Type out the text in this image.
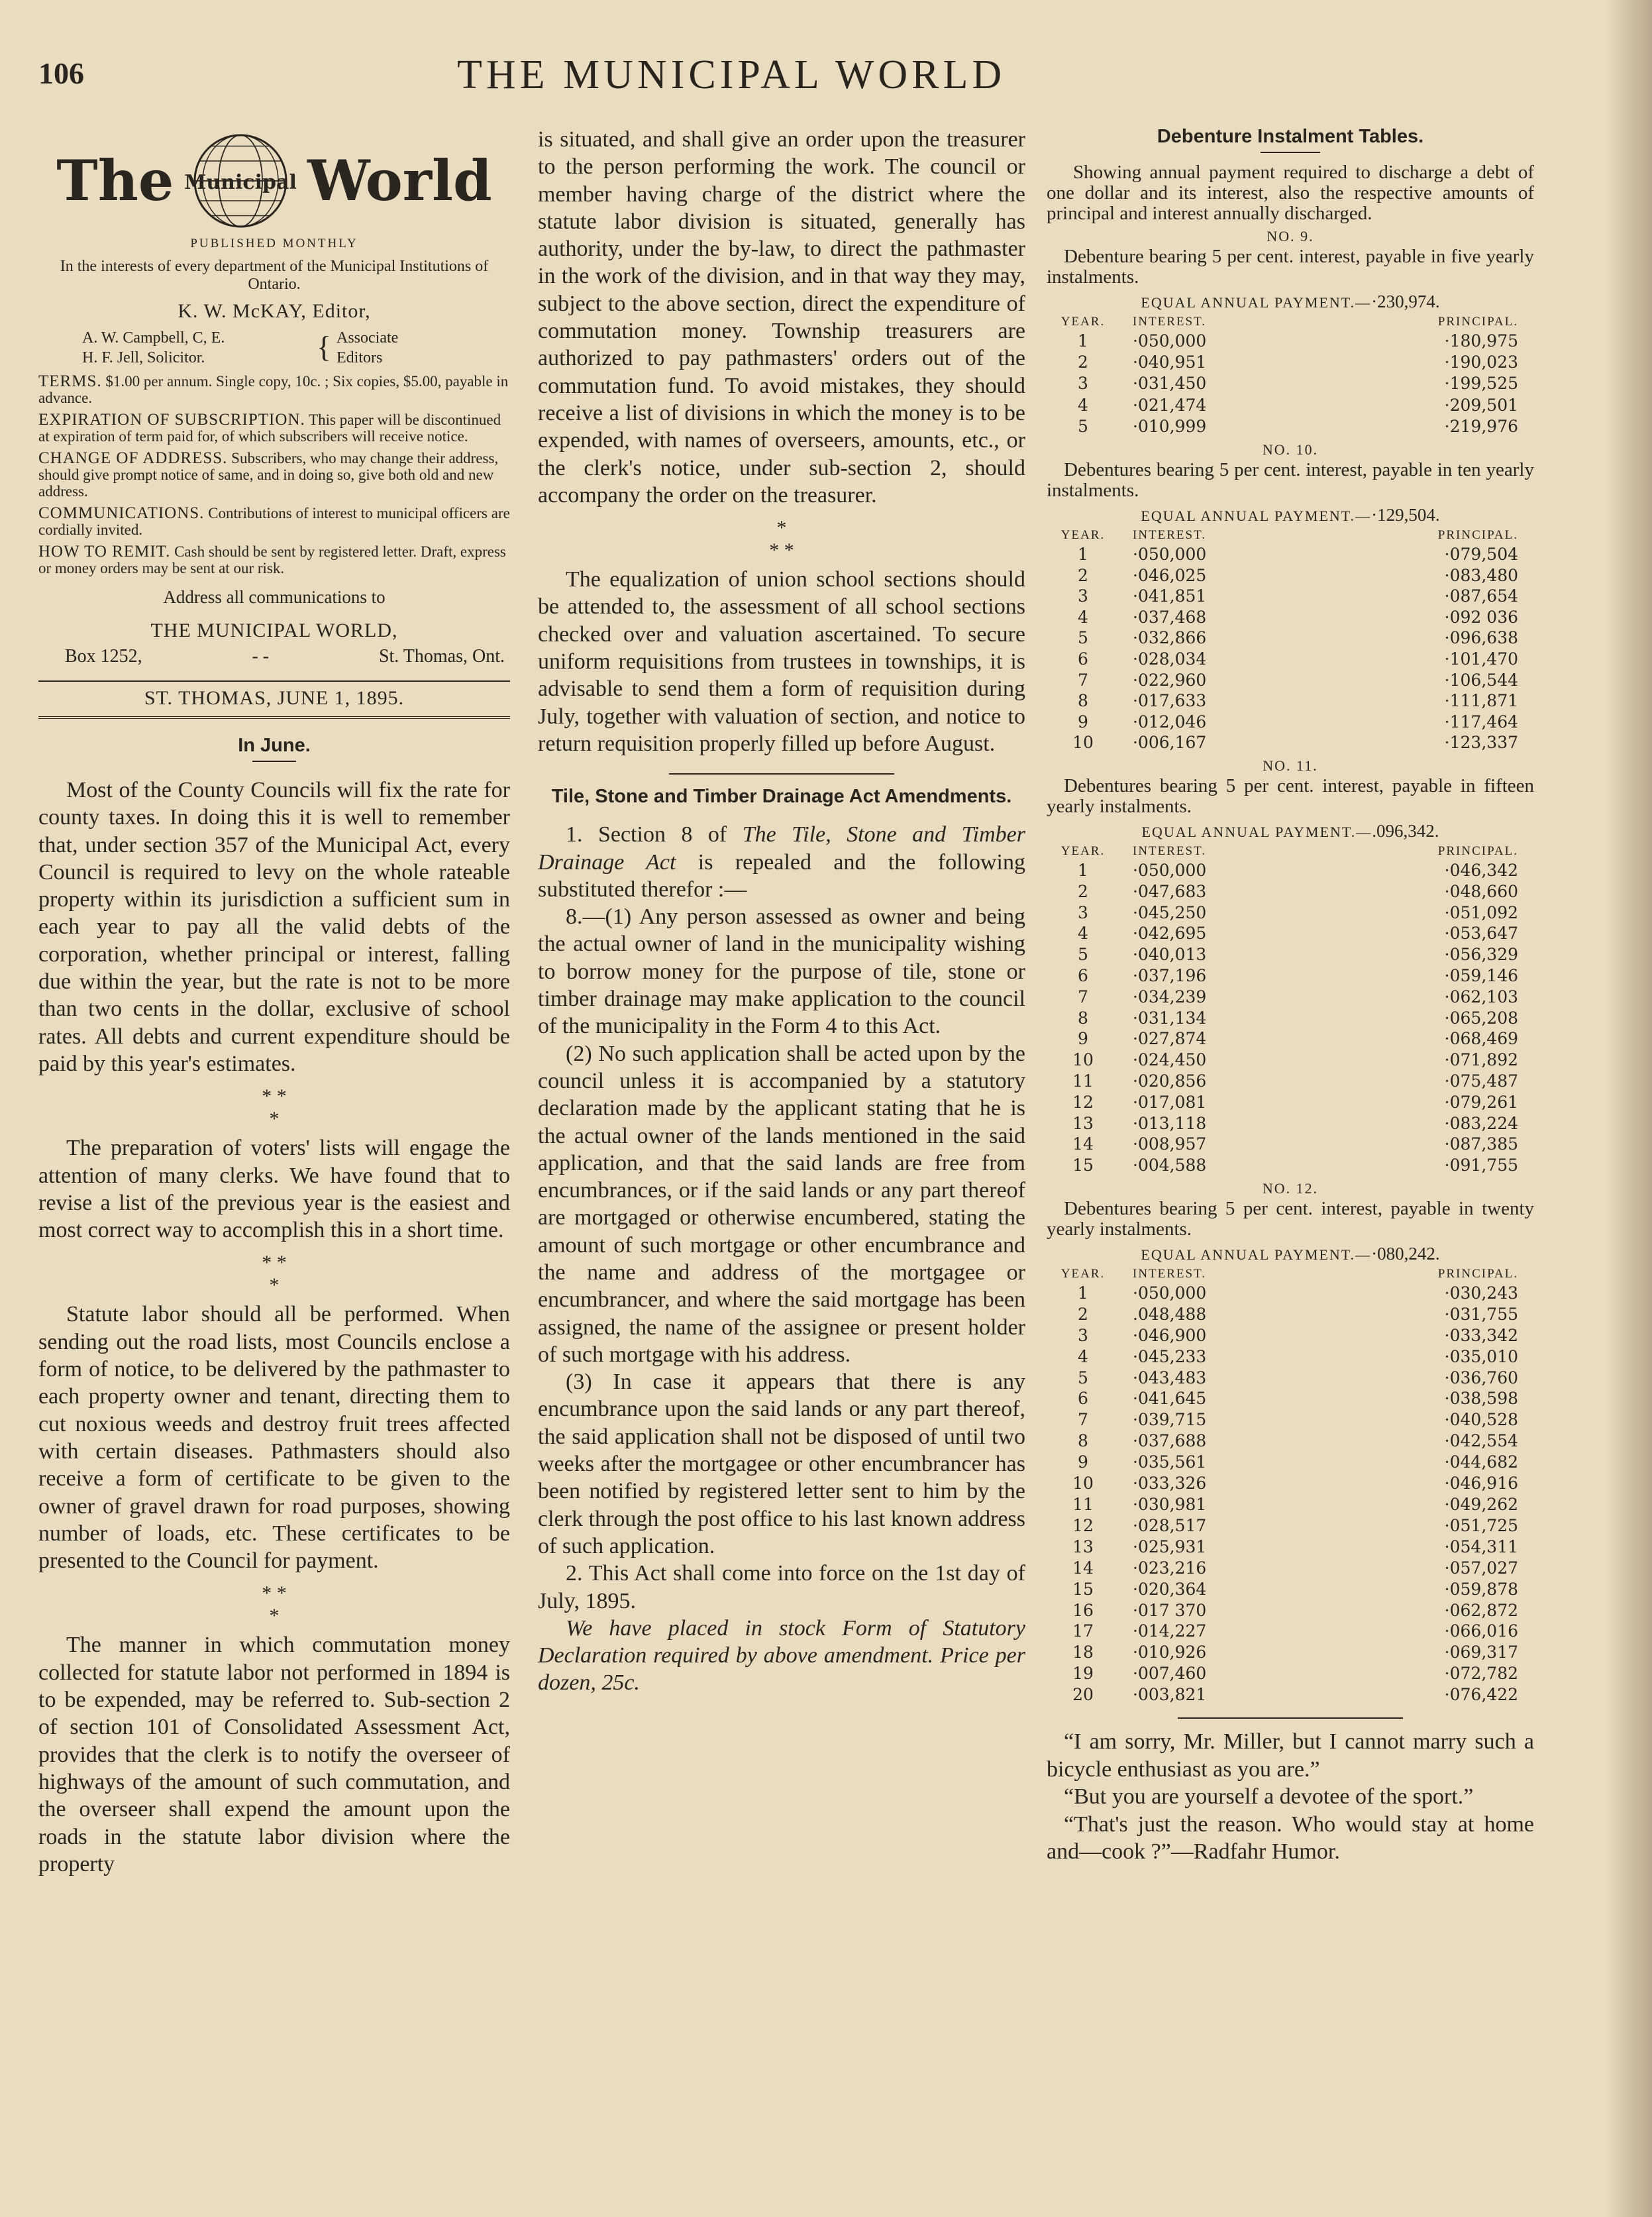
106	THE MUNICIPAL WORLD
The Municipal World
PUBLISHED MONTHLY
In the interests of every department of the Municipal Institutions of Ontario.
K. W. McKAY, Editor,
A. W. Campbell, C, E.
H. F. Jell, Solicitor.	{ Associate
Editors
TERMS. $1.00 per annum. Single copy, 10c. ; Six copies, $5.00, payable in advance.
EXPIRATION OF SUBSCRIPTION. This paper will be discontinued at expiration of term paid for, of which subscribers will receive notice.
CHANGE OF ADDRESS. Subscribers, who may change their address, should give prompt notice of same, and in doing so, give both old and new address.
COMMUNICATIONS. Contributions of interest to municipal officers are cordially invited.
HOW TO REMIT. Cash should be sent by registered letter. Draft, express or money orders may be sent at our risk.
Address all communications to
THE MUNICIPAL WORLD,
Box 1252,	- -	St. Thomas, Ont.
ST. THOMAS, JUNE 1, 1895.
In June.

Most of the County Councils will fix the rate for county taxes. In doing this it is well to remember that, under section 357 of the Municipal Act, every Council is required to levy on the whole rateable property within its jurisdiction a sufficient sum in each year to pay all the valid debts of the corporation, whether principal or interest, falling due within the year, but the rate is not to be more than two cents in the dollar, exclusive of school rates. All debts and current expenditure should be paid by this year's estimates.

* *
*

The preparation of voters' lists will engage the attention of many clerks. We have found that to revise a list of the previous year is the easiest and most correct way to accomplish this in a short time.

* *
*

Statute labor should all be performed. When sending out the road lists, most Councils enclose a form of notice, to be delivered by the pathmaster to each property owner and tenant, directing them to cut noxious weeds and destroy fruit trees affected with certain diseases. Pathmasters should also receive a form of certificate to be given to the owner of gravel drawn for road purposes, showing number of loads, etc. These certificates to be presented to the Council for payment.

* *
*

The manner in which commutation money collected for statute labor not performed in 1894 is to be expended, may be referred to. Sub-section 2 of section 101 of Consolidated Assessment Act, provides that the clerk is to notify the overseer of highways of the amount of such commutation, and the overseer shall expend the amount upon the roads in the statute labor division where the property

is situated, and shall give an order upon the treasurer to the person performing the work. The council or member having charge of the district where the statute labor division is situated, generally has authority, under the by-law, to direct the pathmaster in the work of the division, and in that way they may, subject to the above section, direct the expenditure of commutation money. Township treasurers are authorized to pay pathmasters' orders out of the commutation fund. To avoid mistakes, they should receive a list of divisions in which the money is to be expended, with names of overseers, amounts, etc., or the clerk's notice, under sub-section 2, should accompany the order on the treasurer.

*
* *

The equalization of union school sections should be attended to, the assessment of all school sections checked over and valuation ascertained. To secure uniform requisitions from trustees in townships, it is advisable to send them a form of requisition during July, together with valuation of section, and notice to return requisition properly filled up before August.

Tile, Stone and Timber Drainage Act Amendments.

1. Section 8 of The Tile, Stone and Timber Drainage Act is repealed and the following substituted therefor :—

8.—(1) Any person assessed as owner and being the actual owner of land in the municipality wishing to borrow money for the purpose of tile, stone or timber drainage may make application to the council of the municipality in the Form 4 to this Act.

(2) No such application shall be acted upon by the council unless it is accompanied by a statutory declaration made by the applicant stating that he is the actual owner of the lands mentioned in the said application, and that the said lands are free from encumbrances, or if the said lands or any part thereof are mortgaged or otherwise encumbered, stating the amount of such mortgage or other encumbrance and the name and address of the mortgagee or encumbrancer, and where the said mortgage has been assigned, the name of the assignee or present holder of such mortgage with his address.

(3) In case it appears that there is any encumbrance upon the said lands or any part thereof, the said application shall not be disposed of until two weeks after the mortgagee or other encumbrancer has been notified by registered letter sent to him by the clerk through the post office to his last known address of such application.

2. This Act shall come into force on the 1st day of July, 1895.

We have placed in stock Form of Statutory Declaration required by above amendment. Price per dozen, 25c.

Debenture Instalment Tables.
Showing annual payment required to discharge a debt of one dollar and its interest, also the respective amounts of principal and interest annually discharged.
NO. 9.
Debenture bearing 5 per cent. interest, payable in five yearly instalments.
EQUAL ANNUAL PAYMENT.—·230,974.
YEAR.	INTEREST.	PRINCIPAL.
1	·050,000	·180,975
2	·040,951	·190,023
3	·031,450	·199,525
4	·021,474	·209,501
5	·010,999	·219,976
NO. 10.
Debentures bearing 5 per cent. interest, payable in ten yearly instalments.
EQUAL ANNUAL PAYMENT.—·129,504.
YEAR.	INTEREST.	PRINCIPAL.
1	·050,000	·079,504
2	·046,025	·083,480
3	·041,851	·087,654
4	·037,468	·092 036
5	·032,866	·096,638
6	·028,034	·101,470
7	·022,960	·106,544
8	·017,633	·111,871
9	·012,046	·117,464
10	·006,167	·123,337
NO. 11.
Debentures bearing 5 per cent. interest, payable in fifteen yearly instalments.
EQUAL ANNUAL PAYMENT.—.096,342.
YEAR.	INTEREST.	PRINCIPAL.
1	·050,000	·046,342
2	·047,683	·048,660
3	·045,250	·051,092
4	·042,695	·053,647
5	·040,013	·056,329
6	·037,196	·059,146
7	·034,239	·062,103
8	·031,134	·065,208
9	·027,874	·068,469
10	·024,450	·071,892
11	·020,856	·075,487
12	·017,081	·079,261
13	·013,118	·083,224
14	·008,957	·087,385
15	·004,588	·091,755
NO. 12.
Debentures bearing 5 per cent. interest, payable in twenty yearly instalments.
EQUAL ANNUAL PAYMENT.—·080,242.
YEAR.	INTEREST.	PRINCIPAL.
1	·050,000	·030,243
2	.048,488	·031,755
3	·046,900	·033,342
4	·045,233	·035,010
5	·043,483	·036,760
6	·041,645	·038,598
7	·039,715	·040,528
8	·037,688	·042,554
9	·035,561	·044,682
10	·033,326	·046,916
11	·030,981	·049,262
12	·028,517	·051,725
13	·025,931	·054,311
14	·023,216	·057,027
15	·020,364	·059,878
16	·017 370	·062,872
17	·014,227	·066,016
18	·010,926	·069,317
19	·007,460	·072,782
20	·003,821	·076,422

“I am sorry, Mr. Miller, but I cannot marry such a bicycle enthusiast as you are.”

“But you are yourself a devotee of the sport.”

“That's just the reason. Who would stay at home and—cook ?”—Radfahr Humor.
